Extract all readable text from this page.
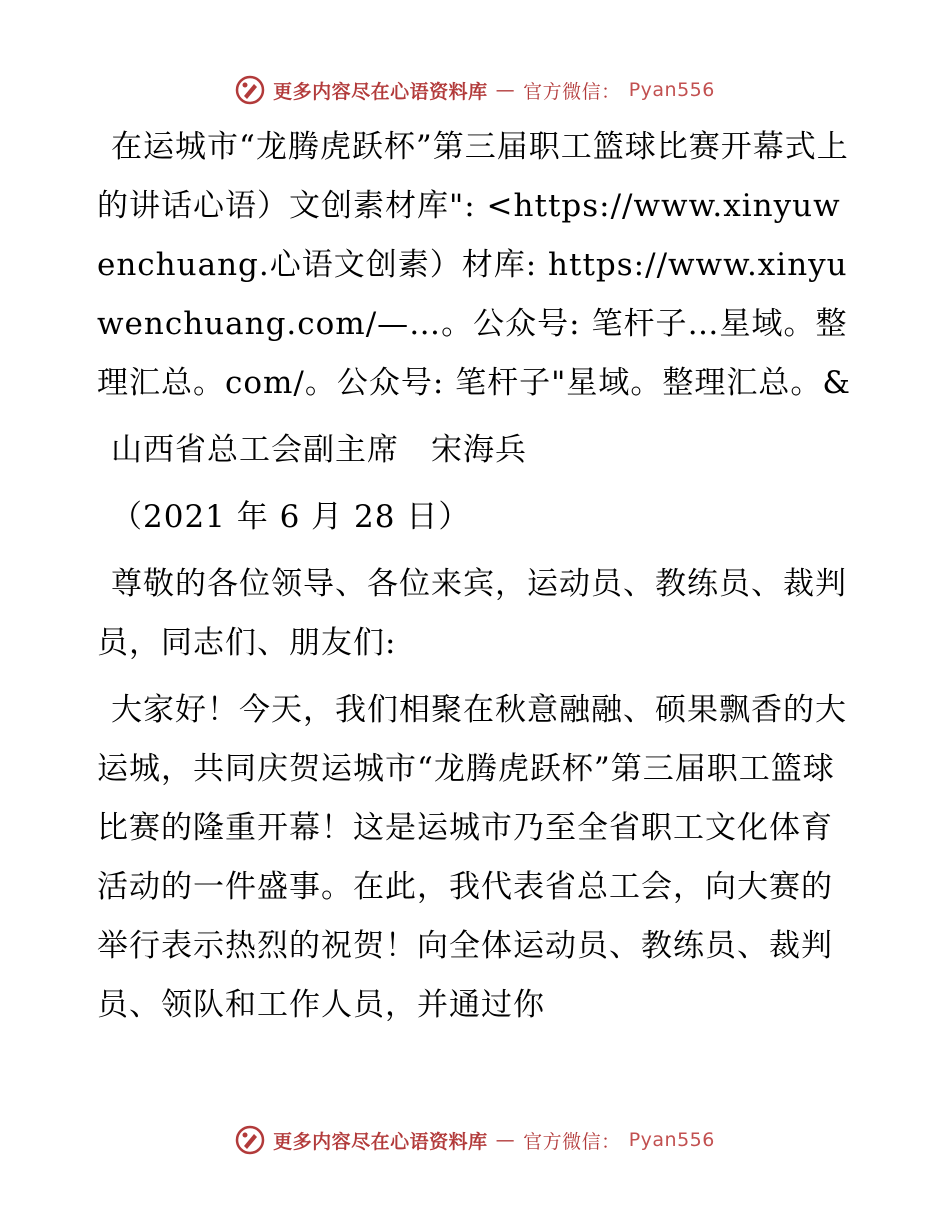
更多内容尽在心语资料库 — 官方微信： Pyan556

在运城市“龙腾虎跃杯”第三届职工篮球比赛开幕式上的讲话心语）文创素材库": <https://www.xinyuwenchuang.心语文创素）材库: https://www.xinyuwenchuang.com/—…。公众号: 笔杆子…星域。整理汇总。com/。公众号: 笔杆子"星域。整理汇总。&

山西省总工会副主席　宋海兵

（2021 年 6 月 28 日）

尊敬的各位领导、各位来宾，运动员、教练员、裁判员，同志们、朋友们:

大家好！今天，我们相聚在秋意融融、硕果飘香的大运城，共同庆贺运城市“龙腾虎跃杯”第三届职工篮球比赛的隆重开幕！这是运城市乃至全省职工文化体育活动的一件盛事。在此，我代表省总工会，向大赛的举行表示热烈的祝贺！向全体运动员、教练员、裁判员、领队和工作人员，并通过你

更多内容尽在心语资料库 — 官方微信： Pyan556
